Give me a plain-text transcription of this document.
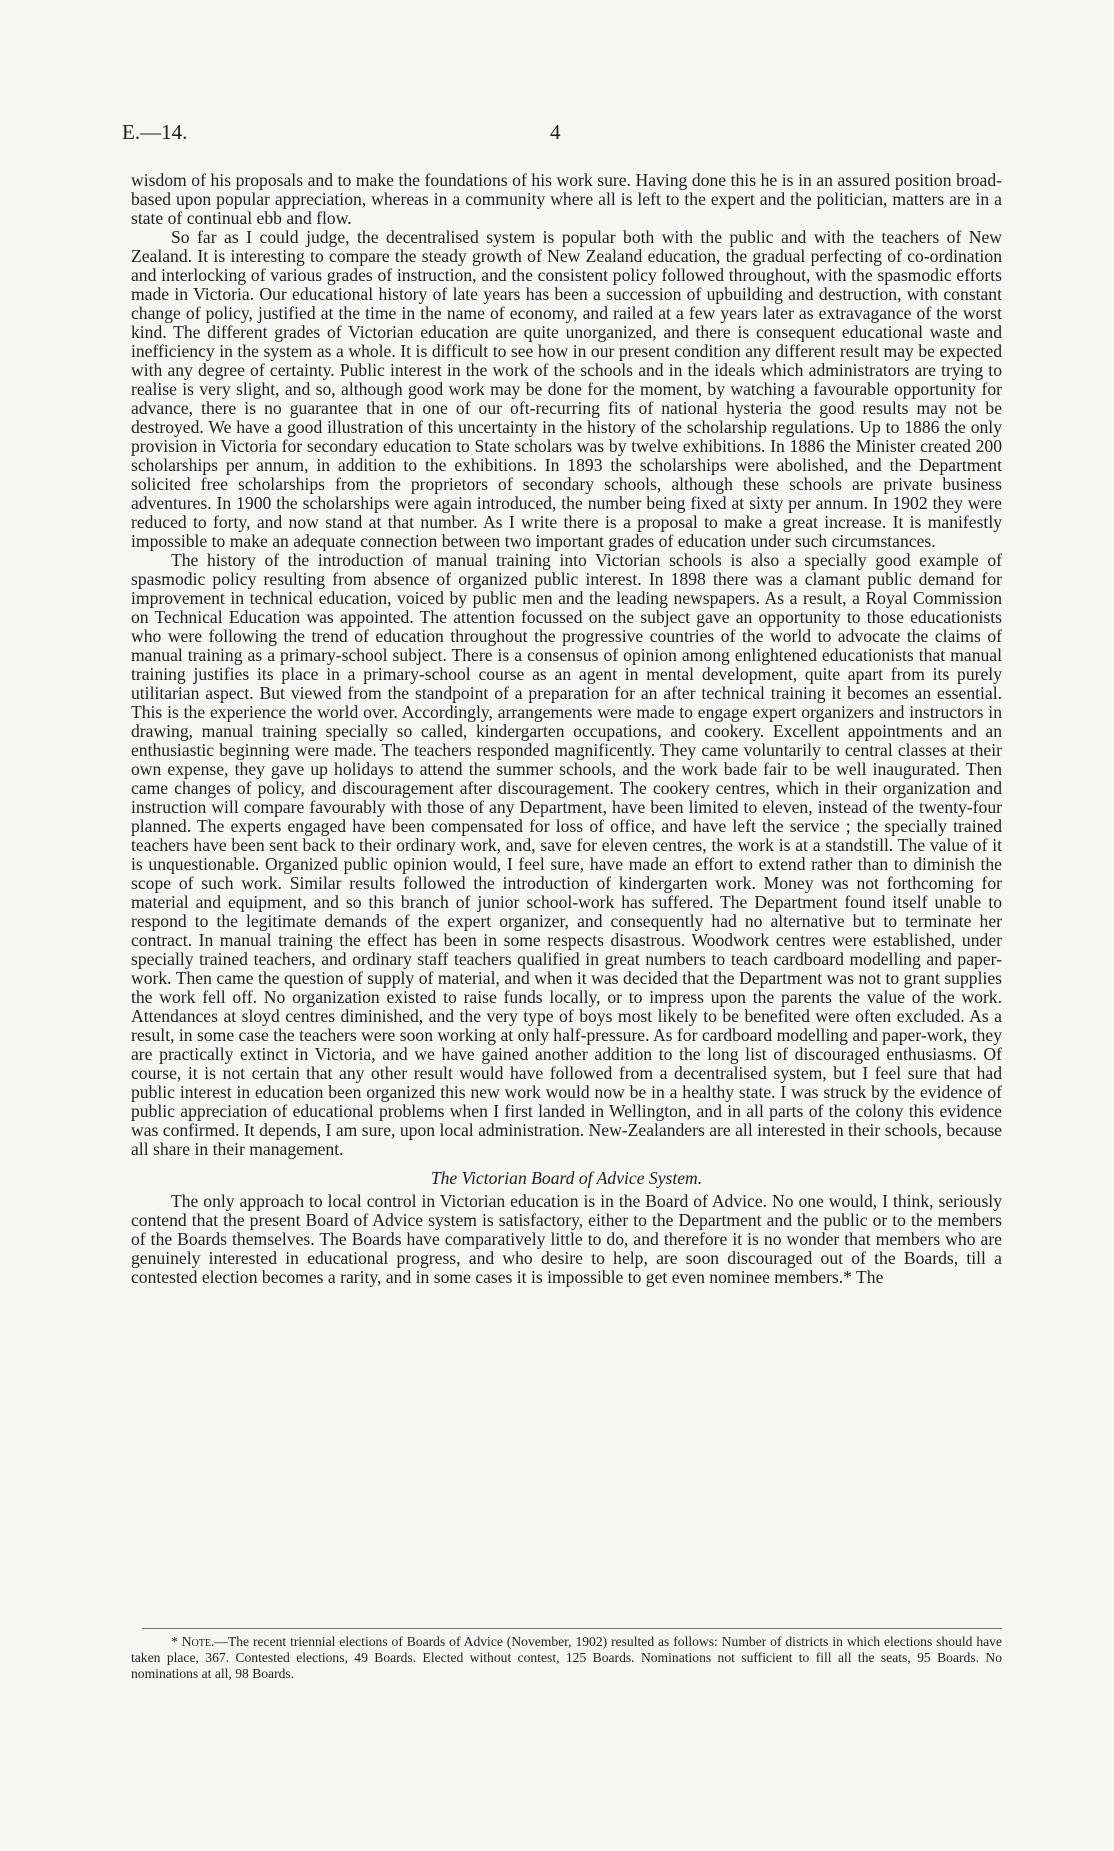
E.—14.	4

wisdom of his proposals and to make the foundations of his work sure. Having done this he is in an assured position broad-based upon popular appreciation, whereas in a community where all is left to the expert and the politician, matters are in a state of continual ebb and flow.

So far as I could judge, the decentralised system is popular both with the public and with the teachers of New Zealand. It is interesting to compare the steady growth of New Zealand education, the gradual perfecting of co-ordination and interlocking of various grades of instruction, and the consistent policy followed throughout, with the spasmodic efforts made in Victoria. Our educational history of late years has been a succession of upbuilding and destruction, with constant change of policy, justified at the time in the name of economy, and railed at a few years later as extravagance of the worst kind. The different grades of Victorian education are quite unorganized, and there is consequent educational waste and inefficiency in the system as a whole. It is difficult to see how in our present condition any different result may be expected with any degree of certainty. Public interest in the work of the schools and in the ideals which administrators are trying to realise is very slight, and so, although good work may be done for the moment, by watching a favourable opportunity for advance, there is no guarantee that in one of our oft-recurring fits of national hysteria the good results may not be destroyed. We have a good illustration of this uncertainty in the history of the scholarship regulations. Up to 1886 the only provision in Victoria for secondary education to State scholars was by twelve exhibitions. In 1886 the Minister created 200 scholarships per annum, in addition to the exhibitions. In 1893 the scholarships were abolished, and the Department solicited free scholarships from the proprietors of secondary schools, although these schools are private business adventures. In 1900 the scholarships were again introduced, the number being fixed at sixty per annum. In 1902 they were reduced to forty, and now stand at that number. As I write there is a proposal to make a great increase. It is manifestly impossible to make an adequate connection between two important grades of education under such circumstances.

The history of the introduction of manual training into Victorian schools is also a specially good example of spasmodic policy resulting from absence of organized public interest. In 1898 there was a clamant public demand for improvement in technical education, voiced by public men and the leading newspapers. As a result, a Royal Commission on Technical Education was appointed. The attention focussed on the subject gave an opportunity to those educationists who were following the trend of education throughout the progressive countries of the world to advocate the claims of manual training as a primary-school subject. There is a consensus of opinion among enlightened educationists that manual training justifies its place in a primary-school course as an agent in mental development, quite apart from its purely utilitarian aspect. But viewed from the standpoint of a preparation for an after technical training it becomes an essential. This is the experience the world over. Accordingly, arrangements were made to engage expert organizers and instructors in drawing, manual training specially so called, kindergarten occupations, and cookery. Excellent appointments and an enthusiastic beginning were made. The teachers responded magnificently. They came voluntarily to central classes at their own expense, they gave up holidays to attend the summer schools, and the work bade fair to be well inaugurated. Then came changes of policy, and discouragement after discouragement. The cookery centres, which in their organization and instruction will compare favourably with those of any Department, have been limited to eleven, instead of the twenty-four planned. The experts engaged have been compensated for loss of office, and have left the service ; the specially trained teachers have been sent back to their ordinary work, and, save for eleven centres, the work is at a standstill. The value of it is unquestionable. Organized public opinion would, I feel sure, have made an effort to extend rather than to diminish the scope of such work. Similar results followed the introduction of kindergarten work. Money was not forthcoming for material and equipment, and so this branch of junior school-work has suffered. The Department found itself unable to respond to the legitimate demands of the expert organizer, and consequently had no alternative but to terminate her contract. In manual training the effect has been in some respects disastrous. Woodwork centres were established, under specially trained teachers, and ordinary staff teachers qualified in great numbers to teach cardboard modelling and paper-work. Then came the question of supply of material, and when it was decided that the Department was not to grant supplies the work fell off. No organization existed to raise funds locally, or to impress upon the parents the value of the work. Attendances at sloyd centres diminished, and the very type of boys most likely to be benefited were often excluded. As a result, in some case the teachers were soon working at only half-pressure. As for cardboard modelling and paper-work, they are practically extinct in Victoria, and we have gained another addition to the long list of discouraged enthusiasms. Of course, it is not certain that any other result would have followed from a decentralised system, but I feel sure that had public interest in education been organized this new work would now be in a healthy state. I was struck by the evidence of public appreciation of educational problems when I first landed in Wellington, and in all parts of the colony this evidence was confirmed. It depends, I am sure, upon local administration. New-Zealanders are all interested in their schools, because all share in their management.

The Victorian Board of Advice System.

The only approach to local control in Victorian education is in the Board of Advice. No one would, I think, seriously contend that the present Board of Advice system is satisfactory, either to the Department and the public or to the members of the Boards themselves. The Boards have comparatively little to do, and therefore it is no wonder that members who are genuinely interested in educational progress, and who desire to help, are soon discouraged out of the Boards, till a contested election becomes a rarity, and in some cases it is impossible to get even nominee members.* The

* Note.—The recent triennial elections of Boards of Advice (November, 1902) resulted as follows: Number of districts in which elections should have taken place, 367. Contested elections, 49 Boards. Elected without contest, 125 Boards. Nominations not sufficient to fill all the seats, 95 Boards. No nominations at all, 98 Boards.
